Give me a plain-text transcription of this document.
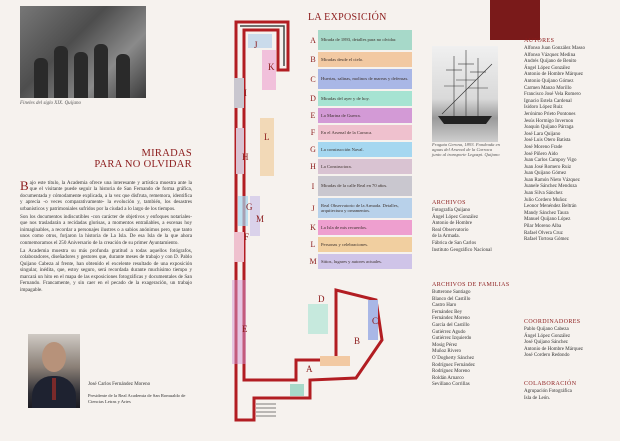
Fineles del siglo XIX. Quijano
MIRADAS
PARA NO OLVIDAR

Bajo este título, la Academia ofrece una interesante y artística muestra ante la que el visitante puede seguir la historia de San Fernando de forma gráfica, documentada y cómodamente explicada, a la vez que disfruta, rememora, identifica y aprecia -o veces comparativamente- la evolución y, también, los desastres urbanísticos y patrimoniales sufridos por la ciudad a lo largo de los tiempos.

Son los documentos indiscutibles -con carácter de objetivos y enfoques notariales- que nos trasladarán a recidadas glorisas, a momentos entrañables, a escenas hoy inimaginables, a recordar a personajes ilustres o a sabios anónimos pero, que tanto unos como otros, forjaron la historia de La Isla. De esa Isla de la que ahora conmemoramos el 250 Aniversario de la creación de su primer Ayuntamiento.

La Academia muestra su más profunda gratitud a todas aquellos fotógrafos, colaboradores, diseñadores y gestores que, durante meses de trabajo y con D. Pablo Quijano Cabeza al frente, han obtenido el excelente resultado de una exposición singular, inédita, que, estoy seguro, será recordada durante muchísimo tiempo y marcará un hito en el mapa de las exposiciones fotográficas y documentales de San Fernando. Francamente, y sin caer en el pecado de la exageración, un trabajo impagable.

José Carlos Fernández Moreno
Presidente de la Real Academia de San Romualdo de Ciencias Letras y Artes
J
K
I
L
H
G
M
F
E
D
C
B
A
LA EXPOSICIÓN
A	Mirada de 1893, detalles para no olvidar.
B	Miradas desde el cielo.
C	Huertas, salinas, molinos de mareas y defensas.
D	Miradas del ayer y de hoy.
E	La Marina de Guerra.
F	En el Arsenal de la Carraca.
G	La construcción Naval.
H	La Constructora.
I	Miradas de la calle Real en 70 años.
J	Real Observatorio de la Armada. Detalles, arquitectura y ornamentos.
K	La Isla de mis recuerdos.
L	Personas y celebraciones.
M Sitios, lugares y autores actuales.
Fragata Gerona, 1893. Fondeada en aguas del Arsenal de la Carraca junto al transporte Legazpi. Quijano
AUTORES
Alfonso Juan González Masso
Alfonso Vázquez Medina
Andrés Quijano de Benito
Ángel López González
Antonio de Hombre Márquez
Antonio Quijano Gómez
Carmen Manzo Morillo
Francisco José Vela Romero
Ignacio Estela Cardenal
Isidoro López Ruiz
Jerónimo Prieto Pontones
Jesús Hormigo Invernon
Joaquín Quijano Párraga
José Lara Quijano
José Luis Otero Batista
José Moreno Frade
José Piñero Aido
Juan Carlos Campoy Vigo
Juan José Romero Ruiz
Juan Quijano Gómez
Juan Ramón Nieto Vázquez
Juanele Sánchez Mendoza
Juan Silva Sánchez
Julio Cordero Muñoz
Leonor Menéndez Beltrán
Mandy Sánchez Taura
Manuel Quijano López
Pilar Moreno Alba
Rafael Olvera Cruz
Rafael Tortosa Gómez
ARCHIVOS
Fotografía Quijano
Ángel López González
Antonio de Hombre
Real Observatorio
de la Armada.
Fábrica de San Carlos
Instituto Geográfico Nacional
ARCHIVOS DE FAMILIAS
Butterone Santiago
Blanco del Castillo
Castro Haro
Fernández Bey
Fernández Moreno
García del Castillo
Gutiérrez Agudo
Gutiérrez Izquierdo
Mosig Pérez
Muñoz Rivero
O´Dogherty Sánchez
Rodríguez Fernández
Rodríguez Moreno
Roldán Arnarco
Sevillano Corrillas
COORDINADORES
Pablo Quijano Cabeza
Ángel López González
José Quijano Sánchez
Antonio de Hombre Márquez
José Cordero Redondo
COLABORACIÓN
Agrupación Fotográfica
Isla de León.
